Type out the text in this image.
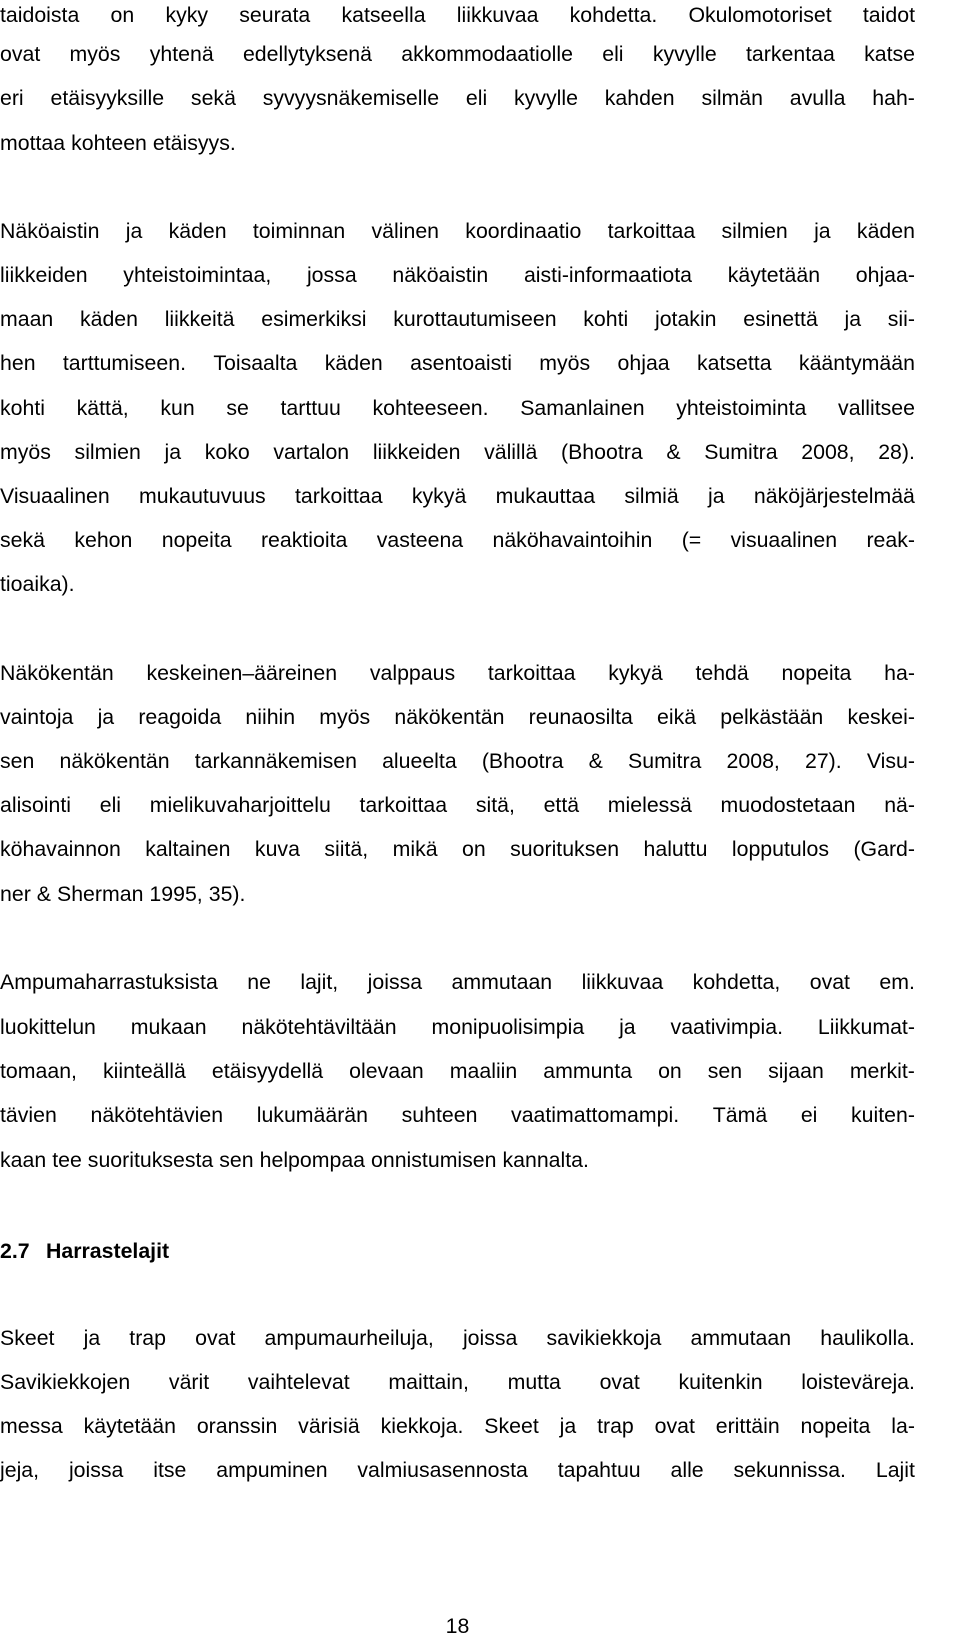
taidoista on kyky seurata katseella liikkuvaa kohdetta. Okulomotoriset taidot
ovat myös yhtenä edellytyksenä akkommodaatiolle eli kyvylle tarkentaa katse
eri etäisyyksille sekä syvyysnäkemiselle eli kyvylle kahden silmän avulla hah-
mottaa kohteen etäisyys.
Näköaistin ja käden toiminnan välinen koordinaatio tarkoittaa silmien ja käden
liikkeiden yhteistoimintaa, jossa näköaistin aisti-informaatiota käytetään ohjaa-
maan käden liikkeitä esimerkiksi kurottautumiseen kohti jotakin esinettä ja sii-
hen tarttumiseen. Toisaalta käden asentoaisti myös ohjaa katsetta kääntymään
kohti kättä, kun se tarttuu kohteeseen. Samanlainen yhteistoiminta vallitsee
myös silmien ja koko vartalon liikkeiden välillä (Bhootra & Sumitra 2008, 28).
Visuaalinen mukautuvuus tarkoittaa kykyä mukauttaa silmiä ja näköjärjestelmää
sekä kehon nopeita reaktioita vasteena näköhavaintoihin (= visuaalinen reak-
tioaika).
Näkökentän keskeinen–ääreinen valppaus tarkoittaa kykyä tehdä nopeita ha-
vaintoja ja reagoida niihin myös näkökentän reunaosilta eikä pelkästään keskei-
sen näkökentän tarkannäkemisen alueelta (Bhootra & Sumitra 2008, 27). Visu-
alisointi eli mielikuvaharjoittelu tarkoittaa sitä, että mielessä muodostetaan nä-
köhavainnon kaltainen kuva siitä, mikä on suorituksen haluttu lopputulos (Gard-
ner & Sherman 1995, 35).
Ampumaharrastuksista ne lajit, joissa ammutaan liikkuvaa kohdetta, ovat em.
luokittelun mukaan näkötehtäviltään monipuolisimpia ja vaativimpia. Liikkumat-
tomaan, kiinteällä etäisyydellä olevaan maaliin ammunta on sen sijaan merkit-
tävien näkötehtävien lukumäärän suhteen vaatimattomampi. Tämä ei kuiten-
kaan tee suorituksesta sen helpompaa onnistumisen kannalta.
2.7 Harrastelajit
Skeet ja trap ovat ampumaurheiluja, joissa savikiekkoja ammutaan haulikolla.
Savikiekkojen värit vaihtelevat maittain, mutta ovat kuitenkin loisteväreja.
messa käytetään oranssin värisiä kiekkoja. Skeet ja trap ovat erittäin nopeita la-
jeja, joissa itse ampuminen valmiusasennosta tapahtuu alle sekunnissa. Lajit
18
